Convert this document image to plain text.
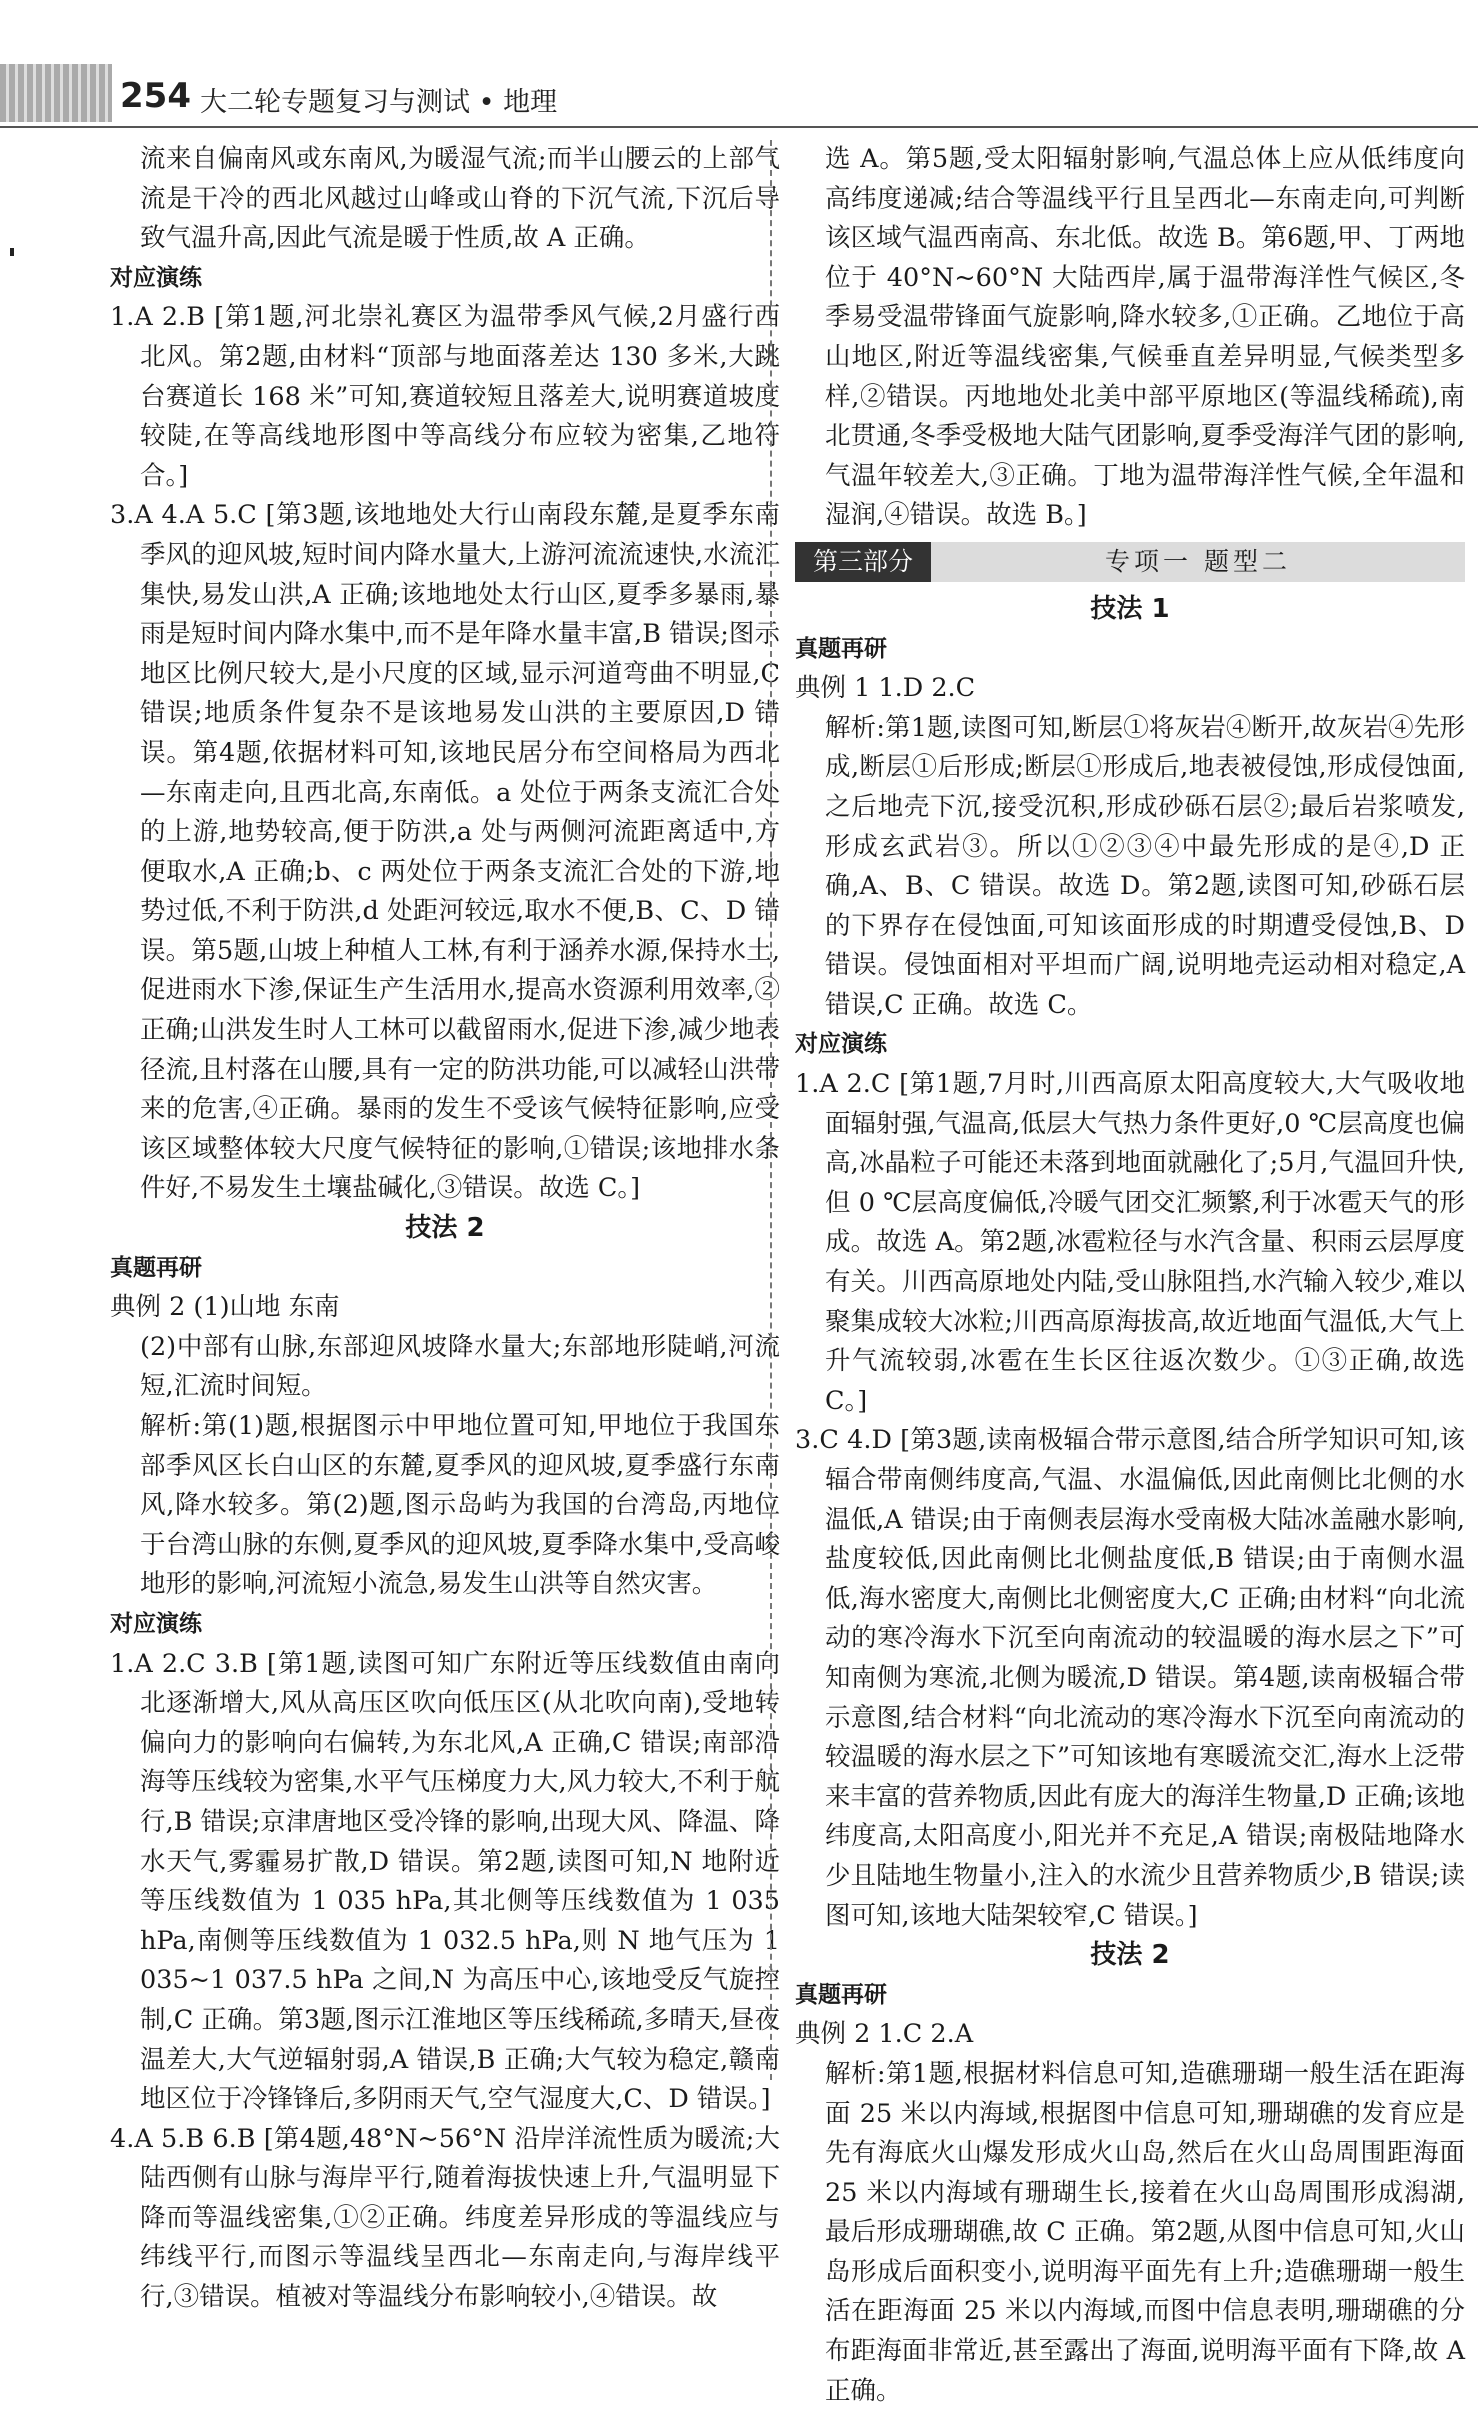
254 大二轮专题复习与测试 • 地理

流来自偏南风或东南风,为暖湿气流;而半山腰云的上部气流是干冷的西北风越过山峰或山脊的下沉气流,下沉后导致气温升高,因此气流是暖于性质,故 A 正确。

对应演练

1.A 2.B [第1题,河北崇礼赛区为温带季风气候,2月盛行西北风。第2题,由材料“顶部与地面落差达 130 多米,大跳台赛道长 168 米”可知,赛道较短且落差大,说明赛道坡度较陡,在等高线地形图中等高线分布应较为密集,乙地符合。]

3.A 4.A 5.C [第3题,该地地处大行山南段东麓,是夏季东南季风的迎风坡,短时间内降水量大,上游河流流速快,水流汇集快,易发山洪,A 正确;该地地处太行山区,夏季多暴雨,暴雨是短时间内降水集中,而不是年降水量丰富,B 错误;图示地区比例尺较大,是小尺度的区域,显示河道弯曲不明显,C 错误;地质条件复杂不是该地易发山洪的主要原因,D 错误。第4题,依据材料可知,该地民居分布空间格局为西北—东南走向,且西北高,东南低。a 处位于两条支流汇合处的上游,地势较高,便于防洪,a 处与两侧河流距离适中,方便取水,A 正确;b、c 两处位于两条支流汇合处的下游,地势过低,不利于防洪,d 处距河较远,取水不便,B、C、D 错误。第5题,山坡上种植人工林,有利于涵养水源,保持水土,促进雨水下渗,保证生产生活用水,提高水资源利用效率,②正确;山洪发生时人工林可以截留雨水,促进下渗,减少地表径流,且村落在山腰,具有一定的防洪功能,可以减轻山洪带来的危害,④正确。暴雨的发生不受该气候特征影响,应受该区域整体较大尺度气候特征的影响,①错误;该地排水条件好,不易发生土壤盐碱化,③错误。故选 C。]

技法 2

真题再研

典例 2 (1)山地 东南

(2)中部有山脉,东部迎风坡降水量大;东部地形陡峭,河流短,汇流时间短。

解析:第(1)题,根据图示中甲地位置可知,甲地位于我国东部季风区长白山区的东麓,夏季风的迎风坡,夏季盛行东南风,降水较多。第(2)题,图示岛屿为我国的台湾岛,丙地位于台湾山脉的东侧,夏季风的迎风坡,夏季降水集中,受高峻地形的影响,河流短小流急,易发生山洪等自然灾害。

对应演练

1.A 2.C 3.B [第1题,读图可知广东附近等压线数值由南向北逐渐增大,风从高压区吹向低压区(从北吹向南),受地转偏向力的影响向右偏转,为东北风,A 正确,C 错误;南部沿海等压线较为密集,水平气压梯度力大,风力较大,不利于航行,B 错误;京津唐地区受冷锋的影响,出现大风、降温、降水天气,雾霾易扩散,D 错误。第2题,读图可知,N 地附近等压线数值为 1 035 hPa,其北侧等压线数值为 1 035 hPa,南侧等压线数值为 1 032.5 hPa,则 N 地气压为 1 035~1 037.5 hPa 之间,N 为高压中心,该地受反气旋控制,C 正确。第3题,图示江淮地区等压线稀疏,多晴天,昼夜温差大,大气逆辐射弱,A 错误,B 正确;大气较为稳定,赣南地区位于冷锋锋后,多阴雨天气,空气湿度大,C、D 错误。]

4.A 5.B 6.B [第4题,48°N~56°N 沿岸洋流性质为暖流;大陆西侧有山脉与海岸平行,随着海拔快速上升,气温明显下降而等温线密集,①②正确。纬度差异形成的等温线应与纬线平行,而图示等温线呈西北—东南走向,与海岸线平行,③错误。植被对等温线分布影响较小,④错误。故

选 A。第5题,受太阳辐射影响,气温总体上应从低纬度向高纬度递减;结合等温线平行且呈西北—东南走向,可判断该区域气温西南高、东北低。故选 B。第6题,甲、丁两地位于 40°N~60°N 大陆西岸,属于温带海洋性气候区,冬季易受温带锋面气旋影响,降水较多,①正确。乙地位于高山地区,附近等温线密集,气候垂直差异明显,气候类型多样,②错误。丙地地处北美中部平原地区(等温线稀疏),南北贯通,冬季受极地大陆气团影响,夏季受海洋气团的影响,气温年较差大,③正确。丁地为温带海洋性气候,全年温和湿润,④错误。故选 B。]

第三部分	专项一 题型二

技法 1

真题再研

典例 1 1.D 2.C

解析:第1题,读图可知,断层①将灰岩④断开,故灰岩④先形成,断层①后形成;断层①形成后,地表被侵蚀,形成侵蚀面,之后地壳下沉,接受沉积,形成砂砾石层②;最后岩浆喷发,形成玄武岩③。所以①②③④中最先形成的是④,D 正确,A、B、C 错误。故选 D。第2题,读图可知,砂砾石层的下界存在侵蚀面,可知该面形成的时期遭受侵蚀,B、D 错误。侵蚀面相对平坦而广阔,说明地壳运动相对稳定,A 错误,C 正确。故选 C。

对应演练

1.A 2.C [第1题,7月时,川西高原太阳高度较大,大气吸收地面辐射强,气温高,低层大气热力条件更好,0 ℃层高度也偏高,冰晶粒子可能还未落到地面就融化了;5月,气温回升快,但 0 ℃层高度偏低,冷暖气团交汇频繁,利于冰雹天气的形成。故选 A。第2题,冰雹粒径与水汽含量、积雨云层厚度有关。川西高原地处内陆,受山脉阻挡,水汽输入较少,难以聚集成较大冰粒;川西高原海拔高,故近地面气温低,大气上升气流较弱,冰雹在生长区往返次数少。①③正确,故选 C。]

3.C 4.D [第3题,读南极辐合带示意图,结合所学知识可知,该辐合带南侧纬度高,气温、水温偏低,因此南侧比北侧的水温低,A 错误;由于南侧表层海水受南极大陆冰盖融水影响,盐度较低,因此南侧比北侧盐度低,B 错误;由于南侧水温低,海水密度大,南侧比北侧密度大,C 正确;由材料“向北流动的寒冷海水下沉至向南流动的较温暖的海水层之下”可知南侧为寒流,北侧为暖流,D 错误。第4题,读南极辐合带示意图,结合材料“向北流动的寒冷海水下沉至向南流动的较温暖的海水层之下”可知该地有寒暖流交汇,海水上泛带来丰富的营养物质,因此有庞大的海洋生物量,D 正确;该地纬度高,太阳高度小,阳光并不充足,A 错误;南极陆地降水少且陆地生物量小,注入的水流少且营养物质少,B 错误;读图可知,该地大陆架较窄,C 错误。]

技法 2

真题再研

典例 2 1.C 2.A

解析:第1题,根据材料信息可知,造礁珊瑚一般生活在距海面 25 米以内海域,根据图中信息可知,珊瑚礁的发育应是先有海底火山爆发形成火山岛,然后在火山岛周围距海面 25 米以内海域有珊瑚生长,接着在火山岛周围形成潟湖,最后形成珊瑚礁,故 C 正确。第2题,从图中信息可知,火山岛形成后面积变小,说明海平面先有上升;造礁珊瑚一般生活在距海面 25 米以内海域,而图中信息表明,珊瑚礁的分布距海面非常近,甚至露出了海面,说明海平面有下降,故 A 正确。
